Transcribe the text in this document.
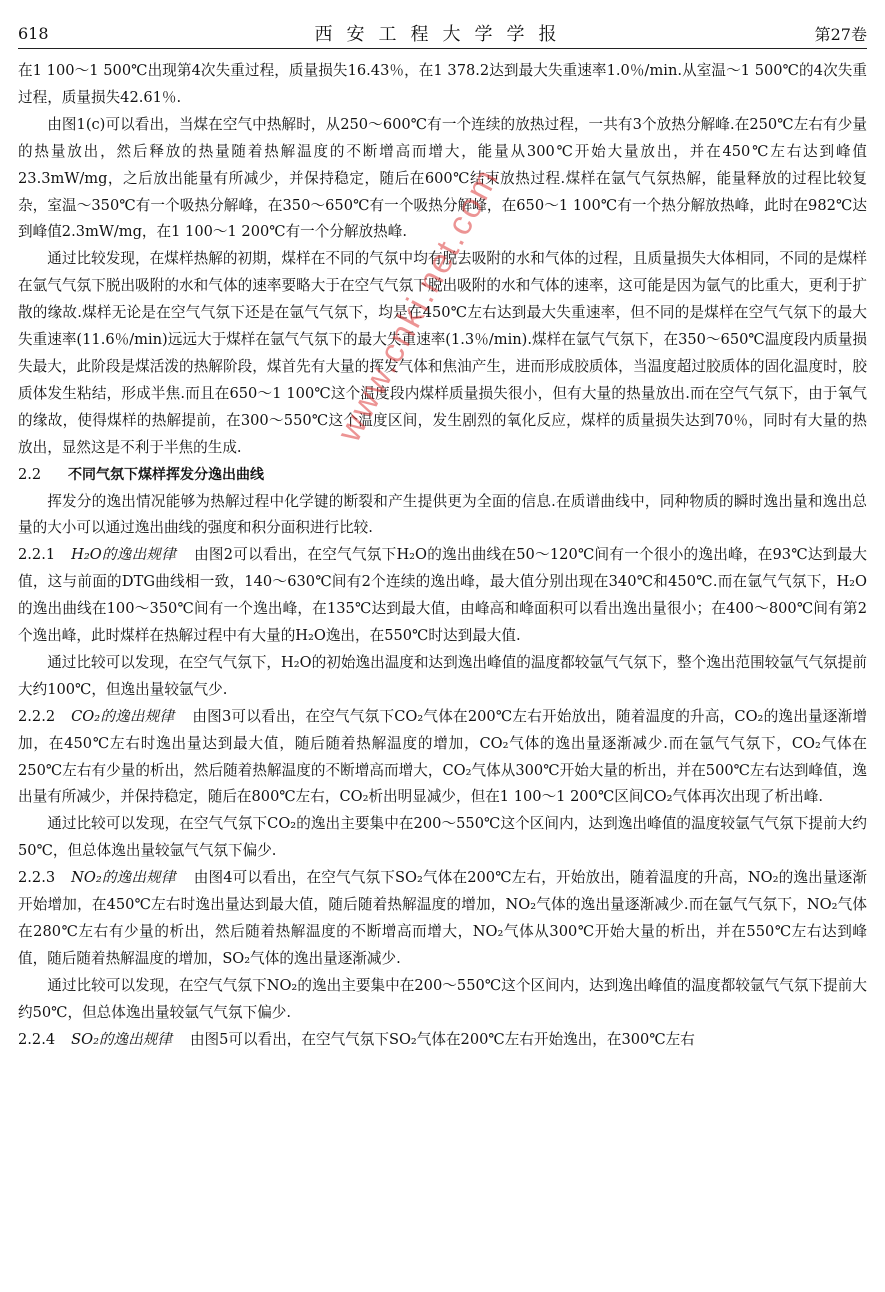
618	西安工程大学学报	第27卷

在1 100～1 500℃出现第4次失重过程，质量损失16.43％，在1 378.2达到最大失重速率1.0％/min.从室温～1 500℃的4次失重过程，质量损失42.61％.

由图1(c)可以看出，当煤在空气中热解时，从250～600℃有一个连续的放热过程，一共有3个放热分解峰.在250℃左右有少量的热量放出，然后释放的热量随着热解温度的不断增高而增大，能量从300℃开始大量放出，并在450℃左右达到峰值23.3mW/mg，之后放出能量有所减少，并保持稳定，随后在600℃结束放热过程.煤样在氩气气氛热解，能量释放的过程比较复杂，室温～350℃有一个吸热分解峰，在350～650℃有一个吸热分解峰，在650～1 100℃有一个热分解放热峰，此时在982℃达到峰值2.3mW/mg，在1 100～1 200℃有一个分解放热峰.

通过比较发现，在煤样热解的初期，煤样在不同的气氛中均有脱去吸附的水和气体的过程，且质量损失大体相同，不同的是煤样在氩气气氛下脱出吸附的水和气体的速率要略大于在空气气氛下脱出吸附的水和气体的速率，这可能是因为氩气的比重大，更利于扩散的缘故.煤样无论是在空气气氛下还是在氩气气氛下，均是在450℃左右达到最大失重速率，但不同的是煤样在空气气氛下的最大失重速率(11.6％/min)远远大于煤样在氩气气氛下的最大失重速率(1.3％/min).煤样在氩气气氛下，在350～650℃温度段内质量损失最大，此阶段是煤活泼的热解阶段，煤首先有大量的挥发气体和焦油产生，进而形成胶质体，当温度超过胶质体的固化温度时，胶质体发生粘结，形成半焦.而且在650～1 100℃这个温度段内煤样质量损失很小，但有大量的热量放出.而在空气气氛下，由于氧气的缘故，使得煤样的热解提前，在300～550℃这个温度区间，发生剧烈的氧化反应，煤样的质量损失达到70％，同时有大量的热放出，显然这是不利于半焦的生成.

2.2 不同气氛下煤样挥发分逸出曲线

挥发分的逸出情况能够为热解过程中化学键的断裂和产生提供更为全面的信息.在质谱曲线中，同种物质的瞬时逸出量和逸出总量的大小可以通过逸出曲线的强度和积分面积进行比较.

2.2.1 H₂O的逸出规律 由图2可以看出，在空气气氛下H₂O的逸出曲线在50～120℃间有一个很小的逸出峰，在93℃达到最大值，这与前面的DTG曲线相一致，140～630℃间有2个连续的逸出峰，最大值分别出现在340℃和450℃.而在氩气气氛下，H₂O的逸出曲线在100～350℃间有一个逸出峰，在135℃达到最大值，由峰高和峰面积可以看出逸出量很小；在400～800℃间有第2个逸出峰，此时煤样在热解过程中有大量的H₂O逸出，在550℃时达到最大值.

通过比较可以发现，在空气气氛下，H₂O的初始逸出温度和达到逸出峰值的温度都较氩气气氛下，整个逸出范围较氩气气氛提前大约100℃，但逸出量较氩气少.

2.2.2 CO₂的逸出规律 由图3可以看出，在空气气氛下CO₂气体在200℃左右开始放出，随着温度的升高，CO₂的逸出量逐渐增加，在450℃左右时逸出量达到最大值，随后随着热解温度的增加，CO₂气体的逸出量逐渐减少.而在氩气气氛下，CO₂气体在250℃左右有少量的析出，然后随着热解温度的不断增高而增大，CO₂气体从300℃开始大量的析出，并在500℃左右达到峰值，逸出量有所减少，并保持稳定，随后在800℃左右，CO₂析出明显减少，但在1 100～1 200℃区间CO₂气体再次出现了析出峰.

通过比较可以发现，在空气气氛下CO₂的逸出主要集中在200～550℃这个区间内，达到逸出峰值的温度较氩气气氛下提前大约50℃，但总体逸出量较氩气气氛下偏少.

2.2.3 NO₂的逸出规律 由图4可以看出，在空气气氛下SO₂气体在200℃左右，开始放出，随着温度的升高，NO₂的逸出量逐渐开始增加，在450℃左右时逸出量达到最大值，随后随着热解温度的增加，NO₂气体的逸出量逐渐减少.而在氩气气氛下，NO₂气体在280℃左右有少量的析出，然后随着热解温度的不断增高而增大，NO₂气体从300℃开始大量的析出，并在550℃左右达到峰值，随后随着热解温度的增加，SO₂气体的逸出量逐渐减少.

通过比较可以发现，在空气气氛下NO₂的逸出主要集中在200～550℃这个区间内，达到逸出峰值的温度都较氩气气氛下提前大约50℃，但总体逸出量较氩气气氛下偏少.

2.2.4 SO₂的逸出规律 由图5可以看出，在空气气氛下SO₂气体在200℃左右开始逸出，在300℃左右

www.cnki.net.com
